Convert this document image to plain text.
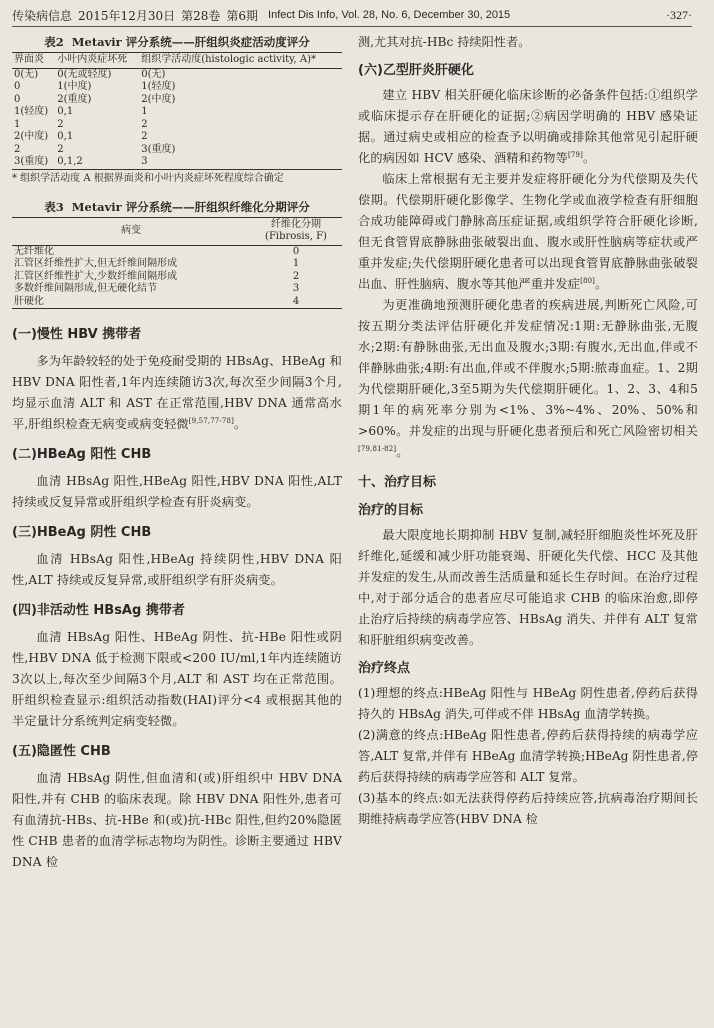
传染病信息 2015年12月30日 第28卷 第6期 Infect Dis Info, Vol. 28, No. 6, December 30, 2015	·327·
表2 Metavir 评分系统——肝组织炎症活动度评分
界面炎	小叶内炎症坏死	组织学活动度(histologic activity, A)*
0(无)	0(无或轻度)	0(无)
0	1(中度)	1(轻度)
0	2(重度)	2(中度)
1(轻度)	0,1	1
1	2	2
2(中度)	0,1	2
2	2	3(重度)
3(重度)	0,1,2	3
* 组织学活动度 A 根据界面炎和小叶内炎症坏死程度综合确定
表3 Metavir 评分系统——肝组织纤维化分期评分
病变	纤维化分期(Fibrosis, F)
无纤维化	0
汇管区纤维性扩大,但无纤维间隔形成	1
汇管区纤维性扩大,少数纤维间隔形成	2
多数纤维间隔形成,但无硬化结节	3
肝硬化	4
(一)慢性 HBV 携带者

多为年龄较轻的处于免疫耐受期的 HBsAg、HBeAg 和 HBV DNA 阳性者,1年内连续随访3次,每次至少间隔3个月,均显示血清 ALT 和 AST 在正常范围,HBV DNA 通常高水平,肝组织检查无病变或病变轻微[9,57,77-78]。

(二)HBeAg 阳性 CHB

血清 HBsAg 阳性,HBeAg 阳性,HBV DNA 阳性,ALT 持续或反复异常或肝组织学检查有肝炎病变。

(三)HBeAg 阴性 CHB

血清 HBsAg 阳性,HBeAg 持续阴性,HBV DNA 阳性,ALT 持续或反复异常,或肝组织学有肝炎病变。

(四)非活动性 HBsAg 携带者

血清 HBsAg 阳性、HBeAg 阴性、抗-HBe 阳性或阴性,HBV DNA 低于检测下限或<200 IU/ml,1年内连续随访3次以上,每次至少间隔3个月,ALT 和 AST 均在正常范围。肝组织检查显示:组织活动指数(HAI)评分<4 或根据其他的半定量计分系统判定病变轻微。

(五)隐匿性 CHB

血清 HBsAg 阴性,但血清和(或)肝组织中 HBV DNA 阳性,并有 CHB 的临床表现。除 HBV DNA 阳性外,患者可有血清抗-HBs、抗-HBe 和(或)抗-HBc 阳性,但约20%隐匿性 CHB 患者的血清学标志物均为阴性。诊断主要通过 HBV DNA 检

测,尤其对抗-HBc 持续阳性者。

(六)乙型肝炎肝硬化

建立 HBV 相关肝硬化临床诊断的必备条件包括:①组织学或临床提示存在肝硬化的证据;②病因学明确的 HBV 感染证据。通过病史或相应的检查予以明确或排除其他常见引起肝硬化的病因如 HCV 感染、酒精和药物等[79]。

临床上常根据有无主要并发症将肝硬化分为代偿期及失代偿期。代偿期肝硬化影像学、生物化学或血液学检查有肝细胞合成功能障碍或门静脉高压症证据,或组织学符合肝硬化诊断,但无食管胃底静脉曲张破裂出血、腹水或肝性脑病等症状或严重并发症;失代偿期肝硬化患者可以出现食管胃底静脉曲张破裂出血、肝性脑病、腹水等其他严重并发症[80]。

为更准确地预测肝硬化患者的疾病进展,判断死亡风险,可按五期分类法评估肝硬化并发症情况:1期:无静脉曲张,无腹水;2期:有静脉曲张,无出血及腹水;3期:有腹水,无出血,伴或不伴静脉曲张;4期:有出血,伴或不伴腹水;5期:脓毒血症。1、2期为代偿期肝硬化,3至5期为失代偿期肝硬化。1、2、3、4和5期1年的病死率分别为<1%、3%~4%、20%、50%和>60%。并发症的出现与肝硬化患者预后和死亡风险密切相关[79,81-82]。

十、治疗目标
治疗的目标

最大限度地长期抑制 HBV 复制,减轻肝细胞炎性坏死及肝纤维化,延缓和减少肝功能衰竭、肝硬化失代偿、HCC 及其他并发症的发生,从而改善生活质量和延长生存时间。在治疗过程中,对于部分适合的患者应尽可能追求 CHB 的临床治愈,即停止治疗后持续的病毒学应答、HBsAg 消失、并伴有 ALT 复常和肝脏组织病变改善。

治疗终点

(1)理想的终点:HBeAg 阳性与 HBeAg 阴性患者,停药后获得持久的 HBsAg 消失,可伴或不伴 HBsAg 血清学转换。

(2)满意的终点:HBeAg 阳性患者,停药后获得持续的病毒学应答,ALT 复常,并伴有 HBeAg 血清学转换;HBeAg 阴性患者,停药后获得持续的病毒学应答和 ALT 复常。

(3)基本的终点:如无法获得停药后持续应答,抗病毒治疗期间长期维持病毒学应答(HBV DNA 检
